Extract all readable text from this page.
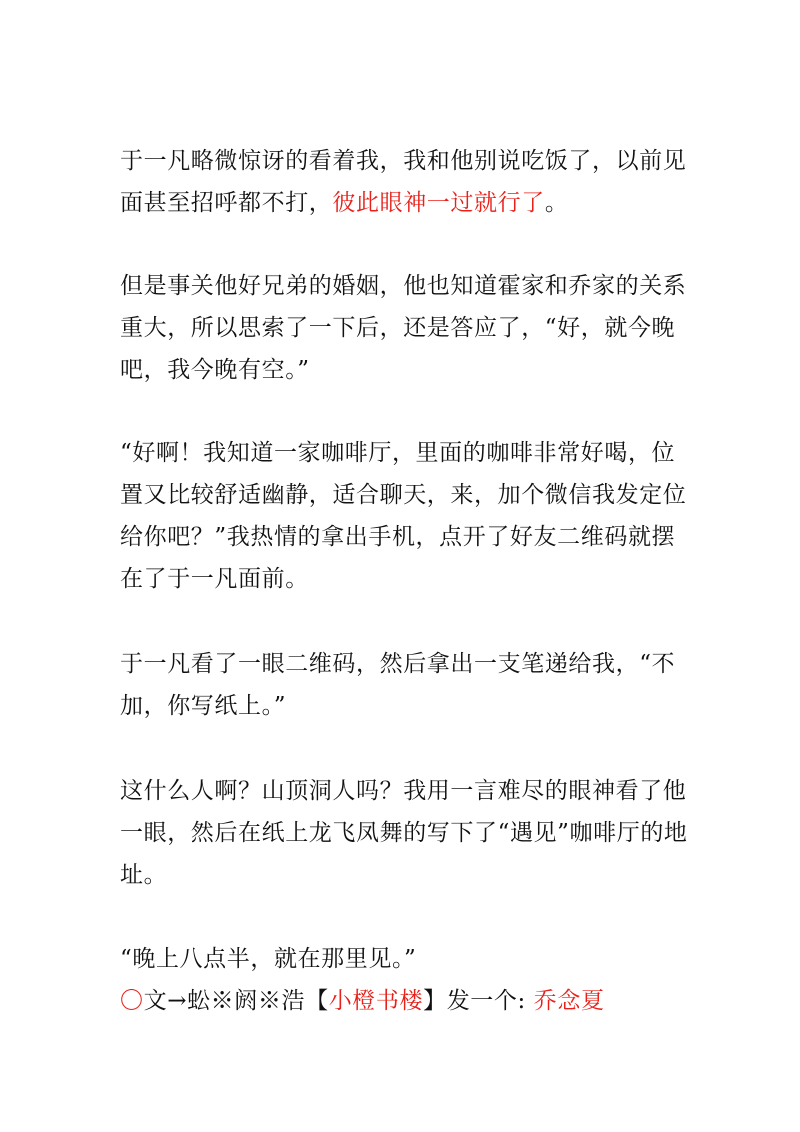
于一凡略微惊讶的看着我，我和他别说吃饭了，以前见面甚至招呼都不打，彼此眼神一过就行了。

但是事关他好兄弟的婚姻，他也知道霍家和乔家的关系重大，所以思索了一下后，还是答应了，“好，就今晚吧，我今晚有空。”

“好啊！我知道一家咖啡厅，里面的咖啡非常好喝，位置又比较舒适幽静，适合聊天，来，加个微信我发定位给你吧？”我热情的拿出手机，点开了好友二维码就摆在了于一凡面前。

于一凡看了一眼二维码，然后拿出一支笔递给我，“不加，你写纸上。”

这什么人啊？山顶洞人吗？我用一言难尽的眼神看了他一眼，然后在纸上龙飞凤舞的写下了“遇见”咖啡厅的地址。

“晚上八点半，就在那里见。”

〇文→蚣※阏※浩【小橙书楼】发一个: 乔念夏
